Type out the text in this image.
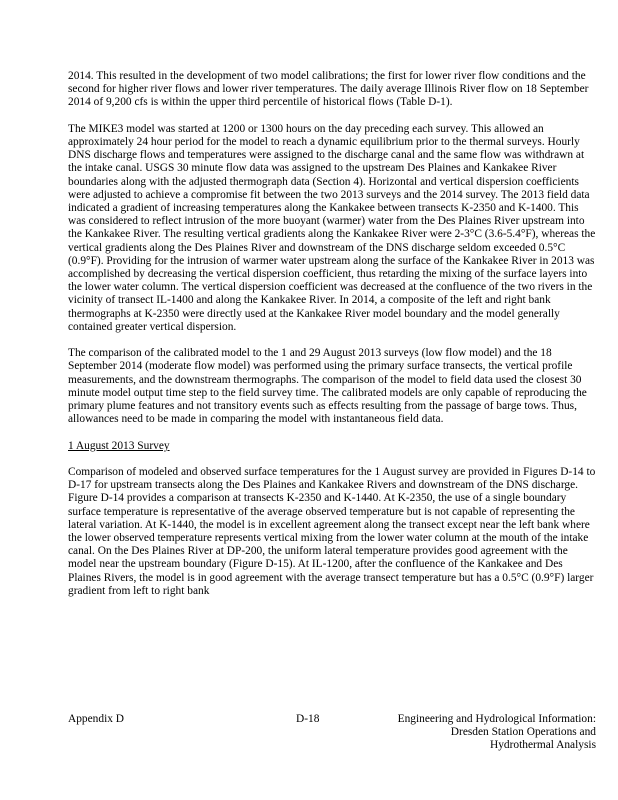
2014. This resulted in the development of two model calibrations; the first for lower river flow conditions and the second for higher river flows and lower river temperatures. The daily average Illinois River flow on 18 September 2014 of 9,200 cfs is within the upper third percentile of historical flows (Table D-1).

The MIKE3 model was started at 1200 or 1300 hours on the day preceding each survey. This allowed an approximately 24 hour period for the model to reach a dynamic equilibrium prior to the thermal surveys. Hourly DNS discharge flows and temperatures were assigned to the discharge canal and the same flow was withdrawn at the intake canal. USGS 30 minute flow data was assigned to the upstream Des Plaines and Kankakee River boundaries along with the adjusted thermograph data (Section 4). Horizontal and vertical dispersion coefficients were adjusted to achieve a compromise fit between the two 2013 surveys and the 2014 survey. The 2013 field data indicated a gradient of increasing temperatures along the Kankakee between transects K-2350 and K-1400. This was considered to reflect intrusion of the more buoyant (warmer) water from the Des Plaines River upstream into the Kankakee River. The resulting vertical gradients along the Kankakee River were 2-3°C (3.6-5.4°F), whereas the vertical gradients along the Des Plaines River and downstream of the DNS discharge seldom exceeded 0.5°C (0.9°F). Providing for the intrusion of warmer water upstream along the surface of the Kankakee River in 2013 was accomplished by decreasing the vertical dispersion coefficient, thus retarding the mixing of the surface layers into the lower water column. The vertical dispersion coefficient was decreased at the confluence of the two rivers in the vicinity of transect IL-1400 and along the Kankakee River. In 2014, a composite of the left and right bank thermographs at K-2350 were directly used at the Kankakee River model boundary and the model generally contained greater vertical dispersion.

The comparison of the calibrated model to the 1 and 29 August 2013 surveys (low flow model) and the 18 September 2014 (moderate flow model) was performed using the primary surface transects, the vertical profile measurements, and the downstream thermographs. The comparison of the model to field data used the closest 30 minute model output time step to the field survey time. The calibrated models are only capable of reproducing the primary plume features and not transitory events such as effects resulting from the passage of barge tows. Thus, allowances need to be made in comparing the model with instantaneous field data.

1 August 2013 Survey

Comparison of modeled and observed surface temperatures for the 1 August survey are provided in Figures D-14 to D-17 for upstream transects along the Des Plaines and Kankakee Rivers and downstream of the DNS discharge. Figure D-14 provides a comparison at transects K-2350 and K-1440. At K-2350, the use of a single boundary surface temperature is representative of the average observed temperature but is not capable of representing the lateral variation. At K-1440, the model is in excellent agreement along the transect except near the left bank where the lower observed temperature represents vertical mixing from the lower water column at the mouth of the intake canal. On the Des Plaines River at DP-200, the uniform lateral temperature provides good agreement with the model near the upstream boundary (Figure D-15). At IL-1200, after the confluence of the Kankakee and Des Plaines Rivers, the model is in good agreement with the average transect temperature but has a 0.5°C (0.9°F) larger gradient from left to right bank

Appendix D	D-18	Engineering and Hydrological Information:
Dresden Station Operations and
Hydrothermal Analysis
